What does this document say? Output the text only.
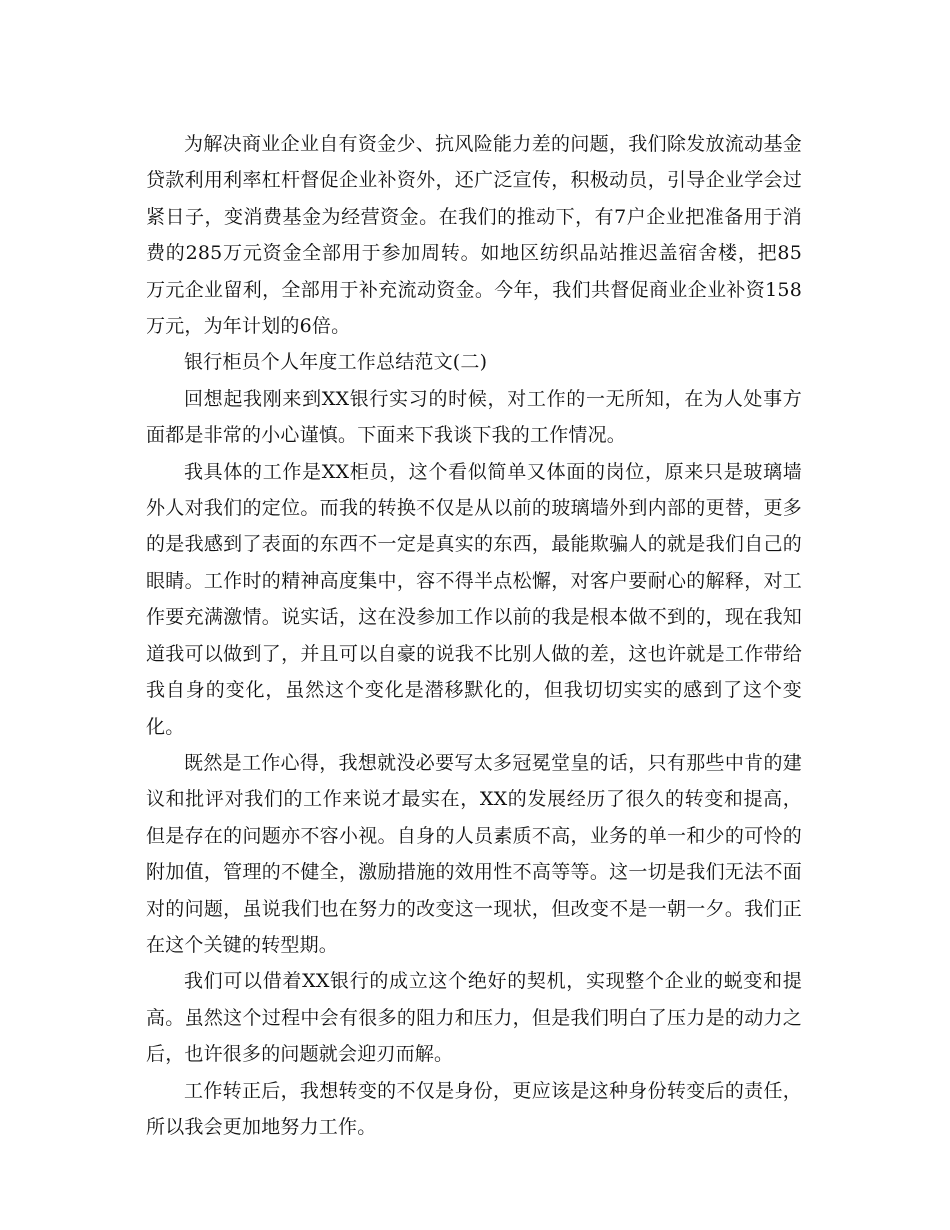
为解决商业企业自有资金少、抗风险能力差的问题，我们除发放流动基金贷款利用利率杠杆督促企业补资外，还广泛宣传，积极动员，引导企业学会过紧日子，变消费基金为经营资金。在我们的推动下，有7户企业把准备用于消费的285万元资金全部用于参加周转。如地区纺织品站推迟盖宿舍楼，把85万元企业留利，全部用于补充流动资金。今年，我们共督促商业企业补资158万元，为年计划的6倍。

银行柜员个人年度工作总结范文(二)

回想起我刚来到XX银行实习的时候，对工作的一无所知，在为人处事方面都是非常的小心谨慎。下面来下我谈下我的工作情况。

我具体的工作是XX柜员，这个看似简单又体面的岗位，原来只是玻璃墙外人对我们的定位。而我的转换不仅是从以前的玻璃墙外到内部的更替，更多的是我感到了表面的东西不一定是真实的东西，最能欺骗人的就是我们自己的眼睛。工作时的精神高度集中，容不得半点松懈，对客户要耐心的解释，对工作要充满激情。说实话，这在没参加工作以前的我是根本做不到的，现在我知道我可以做到了，并且可以自豪的说我不比别人做的差，这也许就是工作带给我自身的变化，虽然这个变化是潜移默化的，但我切切实实的感到了这个变化。

既然是工作心得，我想就没必要写太多冠冕堂皇的话，只有那些中肯的建议和批评对我们的工作来说才最实在，XX的发展经历了很久的转变和提高，但是存在的问题亦不容小视。自身的人员素质不高，业务的单一和少的可怜的附加值，管理的不健全，激励措施的效用性不高等等。这一切是我们无法不面对的问题，虽说我们也在努力的改变这一现状，但改变不是一朝一夕。我们正在这个关键的转型期。

我们可以借着XX银行的成立这个绝好的契机，实现整个企业的蜕变和提高。虽然这个过程中会有很多的阻力和压力，但是我们明白了压力是的动力之后，也许很多的问题就会迎刃而解。

工作转正后，我想转变的不仅是身份，更应该是这种身份转变后的责任，所以我会更加地努力工作。
